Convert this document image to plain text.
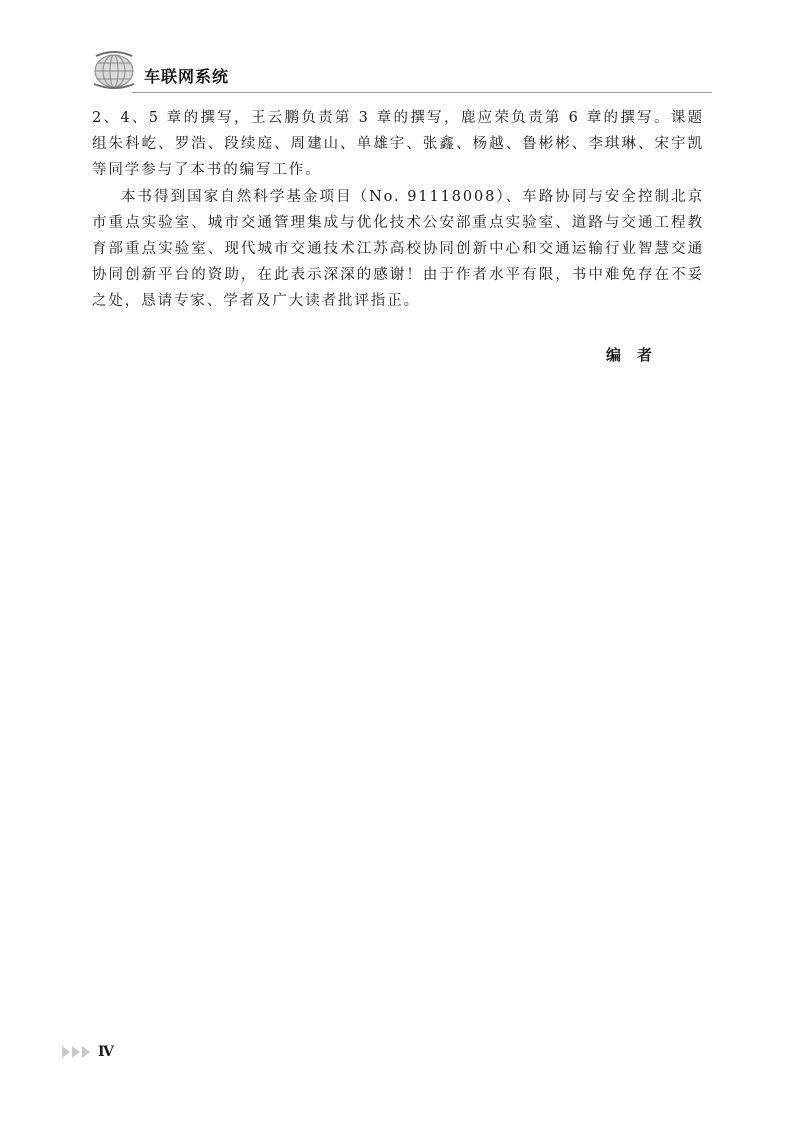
车联网系统

2、4、5 章的撰写，王云鹏负责第 3 章的撰写，鹿应荣负责第 6 章的撰写。课题组朱科屹、罗浩、段续庭、周建山、单雄宇、张鑫、杨越、鲁彬彬、李琪琳、宋宇凯等同学参与了本书的编写工作。

本书得到国家自然科学基金项目（No. 91118008）、车路协同与安全控制北京市重点实验室、城市交通管理集成与优化技术公安部重点实验室、道路与交通工程教育部重点实验室、现代城市交通技术江苏高校协同创新中心和交通运输行业智慧交通协同创新平台的资助，在此表示深深的感谢！由于作者水平有限，书中难免存在不妥之处，恳请专家、学者及广大读者批评指正。

编者
Ⅳ
